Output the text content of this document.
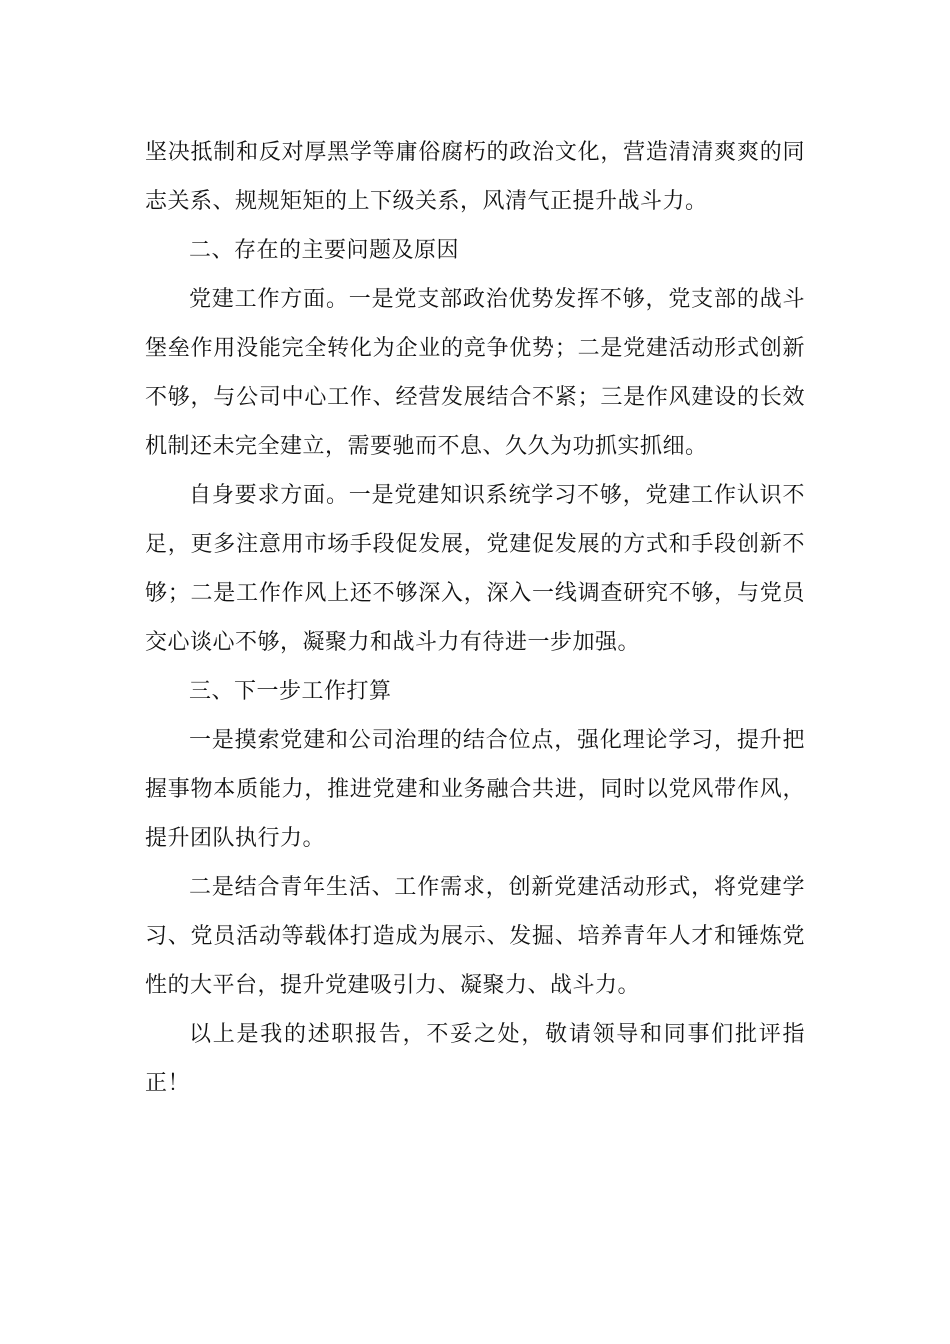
坚决抵制和反对厚黑学等庸俗腐朽的政治文化，营造清清爽爽的同志关系、规规矩矩的上下级关系，风清气正提升战斗力。

二、存在的主要问题及原因

党建工作方面。一是党支部政治优势发挥不够，党支部的战斗堡垒作用没能完全转化为企业的竞争优势；二是党建活动形式创新不够，与公司中心工作、经营发展结合不紧；三是作风建设的长效机制还未完全建立，需要驰而不息、久久为功抓实抓细。

自身要求方面。一是党建知识系统学习不够，党建工作认识不足，更多注意用市场手段促发展，党建促发展的方式和手段创新不够；二是工作作风上还不够深入，深入一线调查研究不够，与党员交心谈心不够，凝聚力和战斗力有待进一步加强。

三、下一步工作打算

一是摸索党建和公司治理的结合位点，强化理论学习，提升把握事物本质能力，推进党建和业务融合共进，同时以党风带作风，提升团队执行力。

二是结合青年生活、工作需求，创新党建活动形式，将党建学习、党员活动等载体打造成为展示、发掘、培养青年人才和锤炼党性的大平台，提升党建吸引力、凝聚力、战斗力。

以上是我的述职报告，不妥之处，敬请领导和同事们批评指正！
